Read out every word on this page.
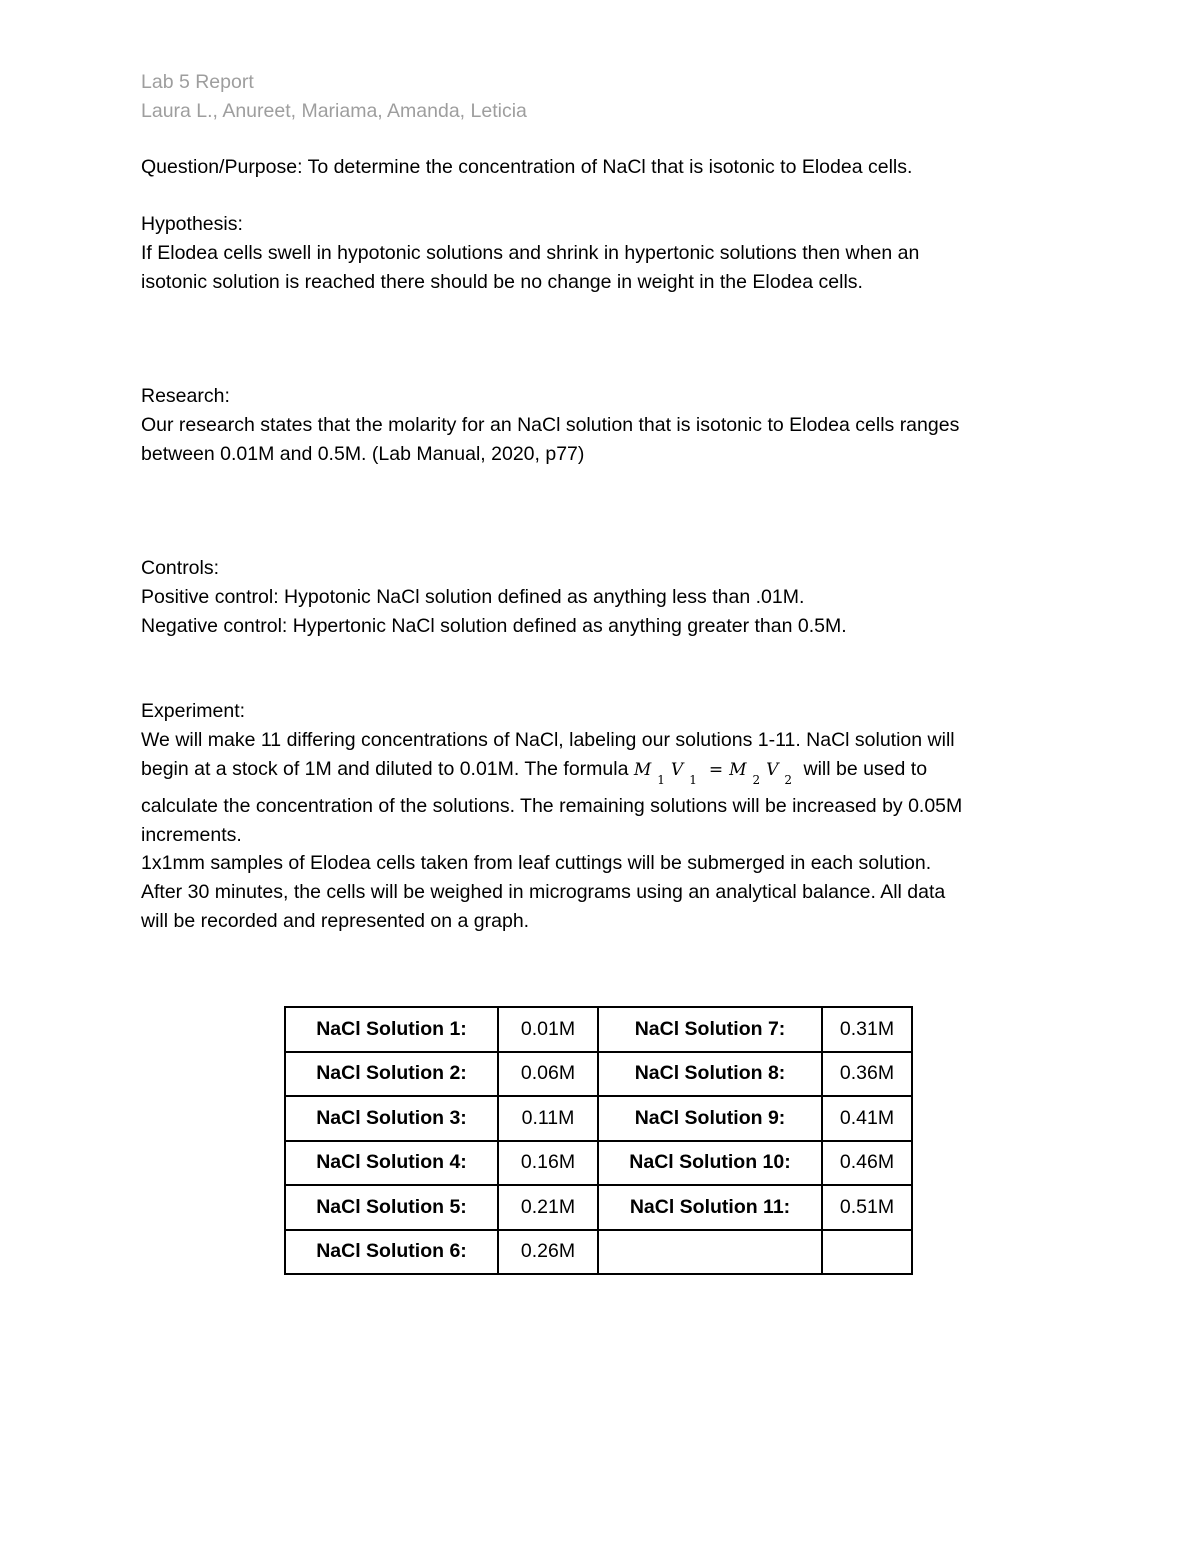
Lab 5 Report
Laura L., Anureet, Mariama, Amanda, Leticia
Question/Purpose: To determine the concentration of NaCl that is isotonic to Elodea cells.
Hypothesis:
If Elodea cells swell in hypotonic solutions and shrink in hypertonic solutions then when an
isotonic solution is reached there should be no change in weight in the Elodea cells.
Research:
Our research states that the molarity for an NaCl solution that is isotonic to Elodea cells ranges
between 0.01M and 0.5M. (Lab Manual, 2020, p77)
Controls:
Positive control: Hypotonic NaCl solution defined as anything less than .01M.
Negative control: Hypertonic NaCl solution defined as anything greater than 0.5M.
Experiment:
We will make 11 differing concentrations of NaCl, labeling our solutions 1-11. NaCl solution will
begin at a stock of 1M and diluted to 0.01M. The formula M $_1$ V $_1$ = M $_2$ V $_2$ will be used to
calculate the concentration of the solutions. The remaining solutions will be increased by 0.05M
increments.
1x1mm samples of Elodea cells taken from leaf cuttings will be submerged in each solution.
After 30 minutes, the cells will be weighed in micrograms using an analytical balance. All data
will be recorded and represented on a graph.
NaCl Solution 1:	0.01M	NaCl Solution 7:	0.31M
NaCl Solution 2:	0.06M	NaCl Solution 8:	0.36M
NaCl Solution 3:	0.11M	NaCl Solution 9:	0.41M
NaCl Solution 4:	0.16M	NaCl Solution 10:	0.46M
NaCl Solution 5:	0.21M	NaCl Solution 11:	0.51M
NaCl Solution 6:	0.26M		
